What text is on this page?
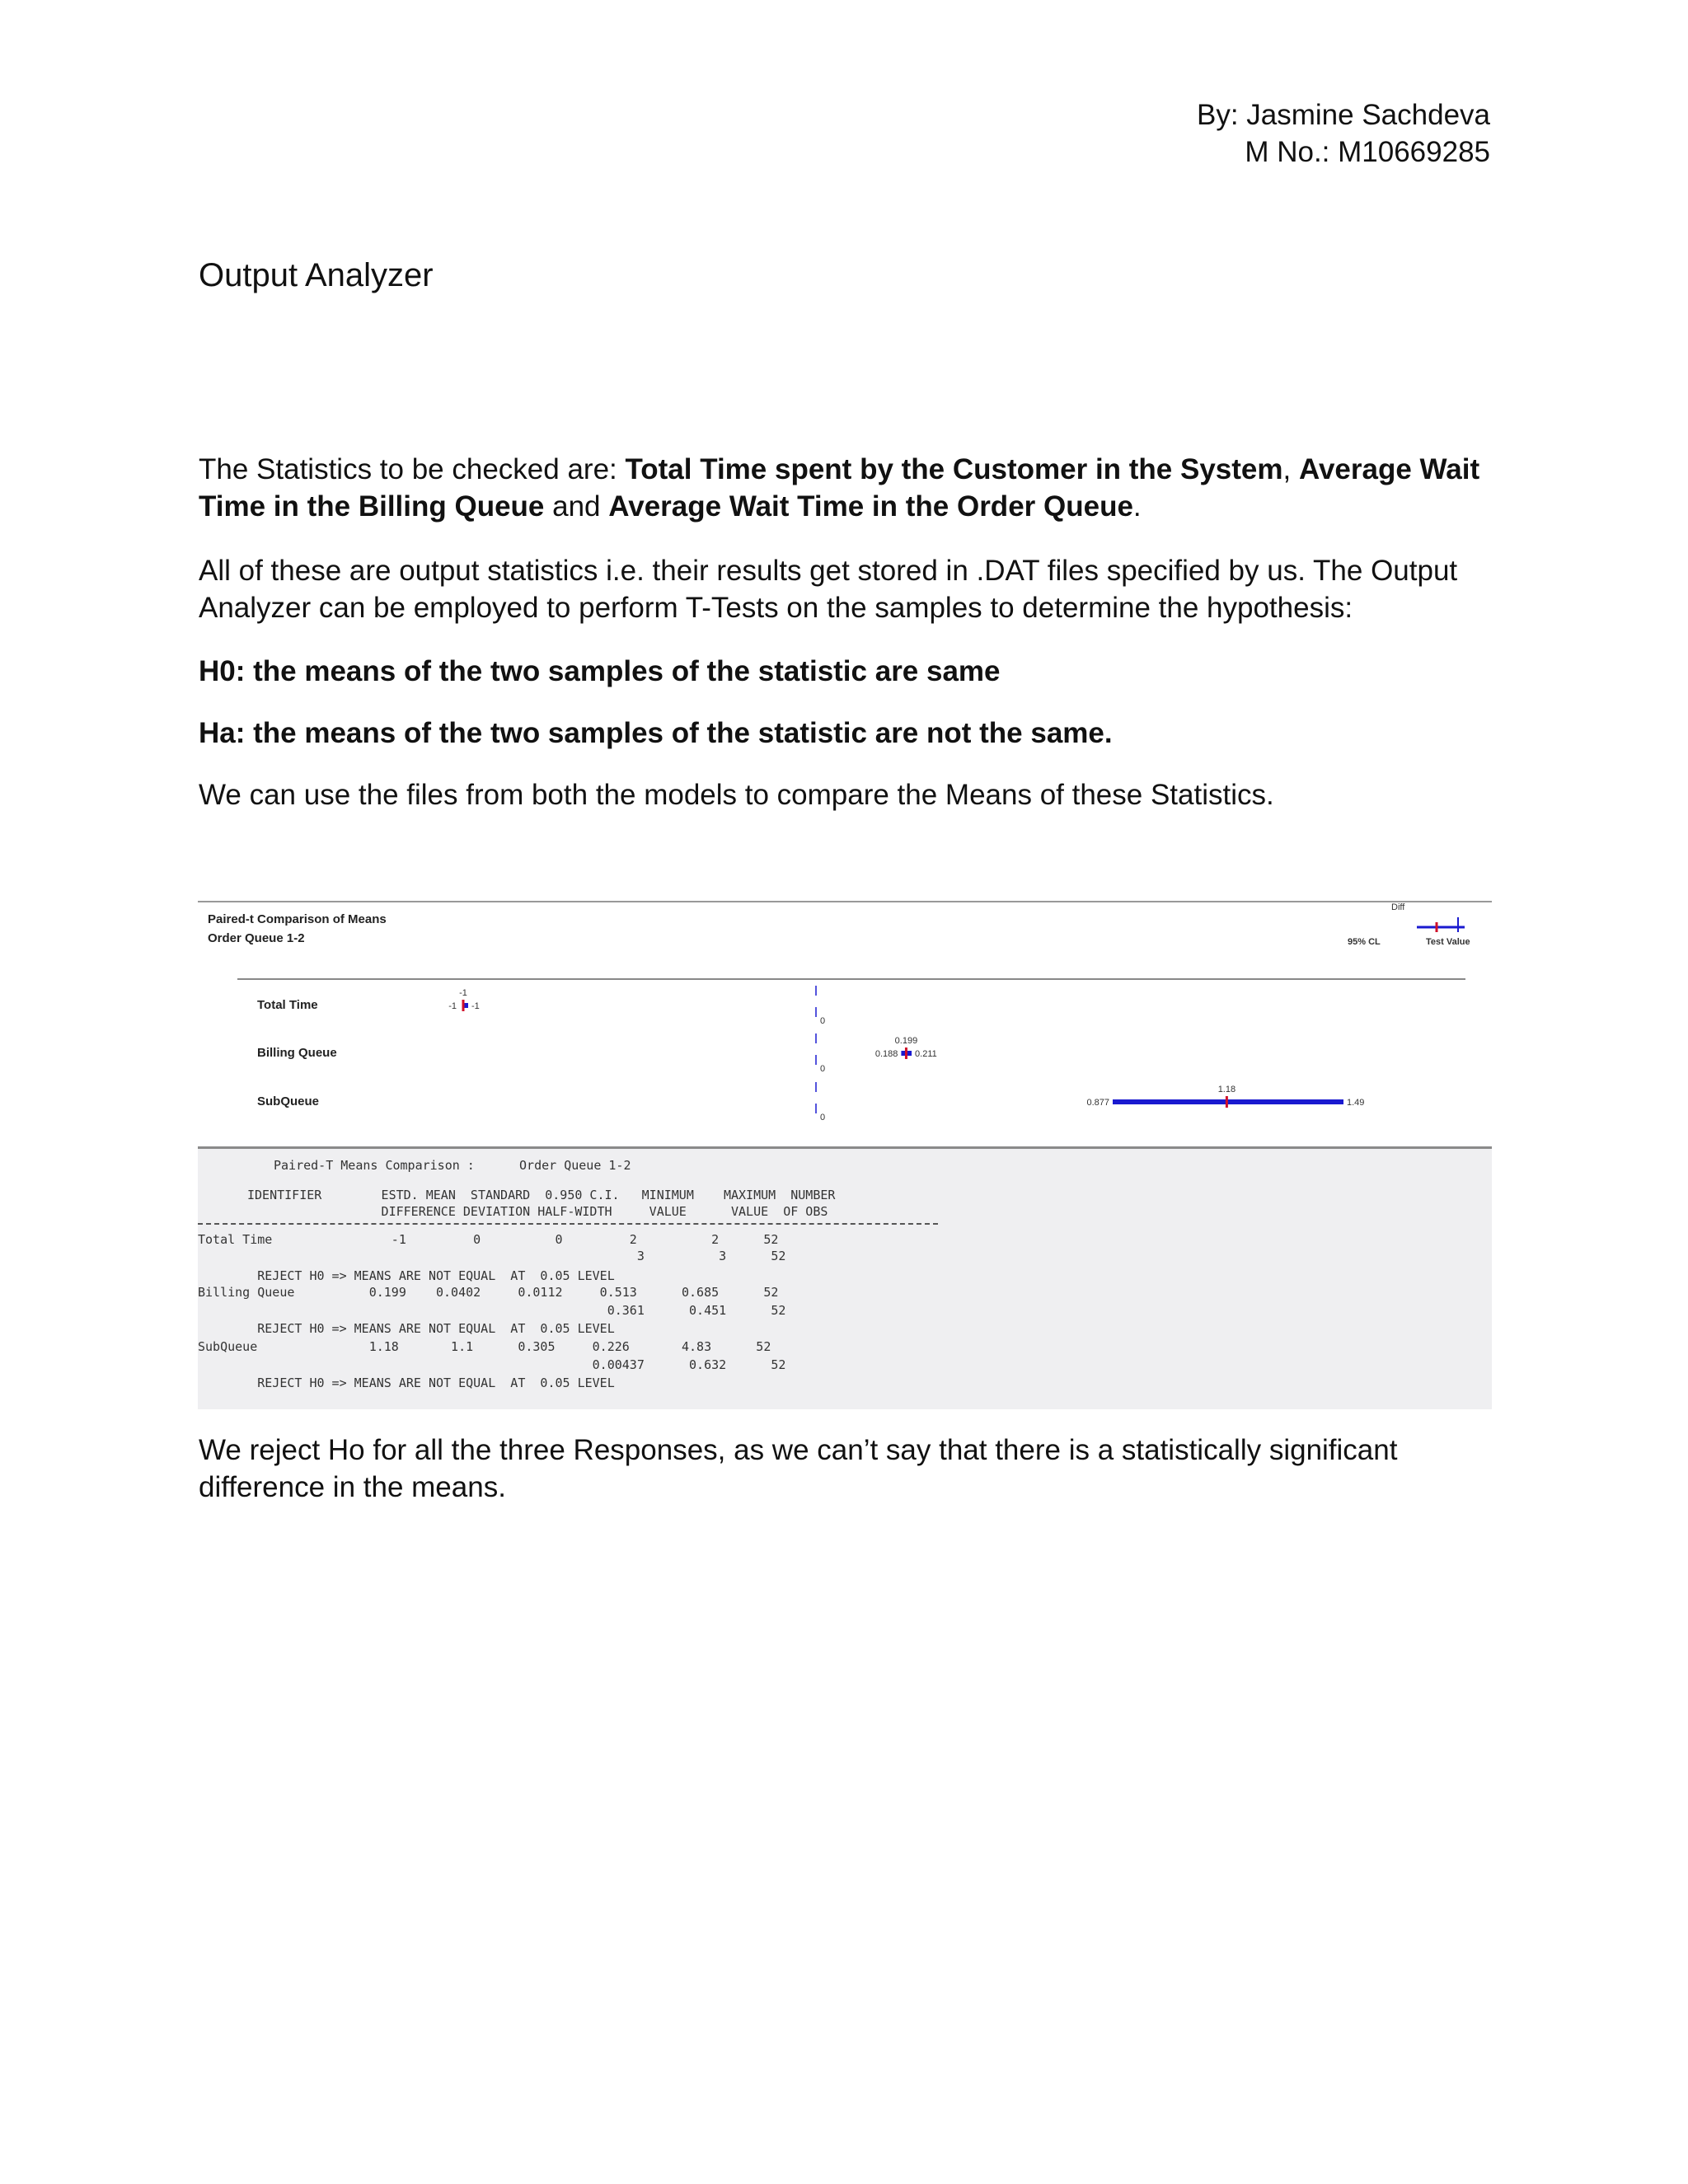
By: Jasmine Sachdeva
M No.: M10669285
Output Analyzer
The Statistics to be checked are: Total Time spent by the Customer in the System, Average Wait Time in the Billing Queue and Average Wait Time in the Order Queue.
All of these are output statistics i.e. their results get stored in .DAT files specified by us. The Output Analyzer can be employed to perform T-Tests on the samples to determine the hypothesis:
H0: the means of the two samples of the statistic are same
Ha: the means of the two samples of the statistic are not the same.
We can use the files from both the models to compare the Means of these Statistics.
Paired-t Comparison of Means
Order Queue 1-2
Diff
95% CL	Test Value
Total Time
Billing Queue
SubQueue
0
-1
-1 -1
0
0.199
0.188 0.211
0
1.18
0.877	1.49
Paired-T Means Comparison :      Order Queue 1-2
IDENTIFIER        ESTD. MEAN  STANDARD  0.950 C.I.   MINIMUM    MAXIMUM  NUMBER
DIFFERENCE DEVIATION HALF-WIDTH     VALUE      VALUE  OF OBS
Total Time                -1         0          0         2          2      52
3          3      52
REJECT H0 => MEANS ARE NOT EQUAL  AT  0.05 LEVEL
Billing Queue          0.199    0.0402     0.0112     0.513      0.685      52
0.361      0.451      52
REJECT H0 => MEANS ARE NOT EQUAL  AT  0.05 LEVEL
SubQueue               1.18       1.1      0.305     0.226       4.83      52
0.00437      0.632      52
REJECT H0 => MEANS ARE NOT EQUAL  AT  0.05 LEVEL
We reject Ho for all the three Responses, as we can’t say that there is a statistically significant difference in the means.
